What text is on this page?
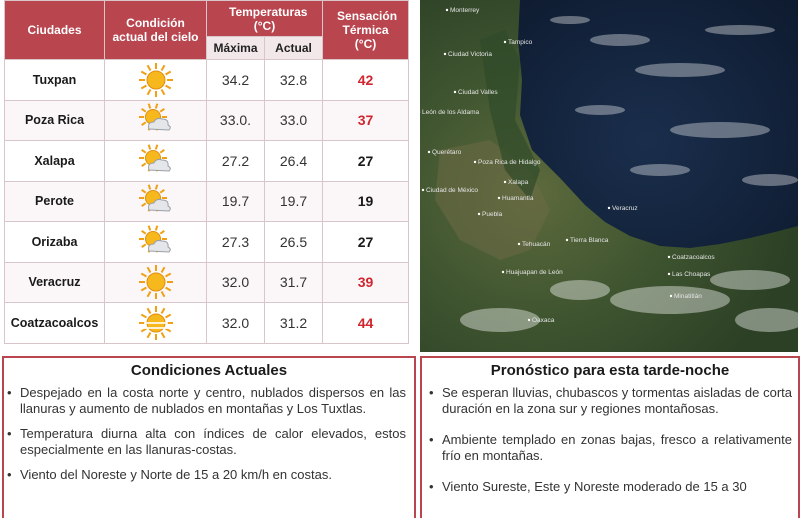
Ciudades	Condición actual del cielo	Temperaturas (°C)		Sensación Térmica (°C)
		Máxima	Actual	
Tuxpan		34.2	32.8	42
Poza Rica		33.0.	33.0	37
Xalapa		27.2	26.4	27
Perote		19.7	19.7	19
Orizaba		27.3	26.5	27
Veracruz		32.0	31.7	39
Coatzacoalcos		32.0	31.2	44
Monterrey
Ciudad Victoria
Tampico
Ciudad Valles
Poza Rica de Hidalgo
León de los Aldama
Querétaro
Ciudad de México
Huamantla
Puebla
Xalapa
Veracruz
Tehuacán
Tierra Blanca
Huajuapan de León
Oaxaca
Coatzacoalcos
Las Choapas
Minatitlán
Condiciones Actuales
• Despejado en la costa norte y centro, nublados dispersos en las llanuras y aumento de nublados en montañas y Los Tuxtlas.
• Temperatura diurna alta con índices de calor elevados, estos especialmente en las llanuras-costas.
• Viento del Noreste y Norte de 15 a 20 km/h en costas.
Pronóstico para esta tarde-noche
• Se esperan lluvias, chubascos y tormentas aisladas de corta duración en la zona sur y regiones montañosas.
• Ambiente templado en zonas bajas, fresco a relativamente frío en montañas.
• Viento Sureste, Este y Noreste moderado de 15 a 30
